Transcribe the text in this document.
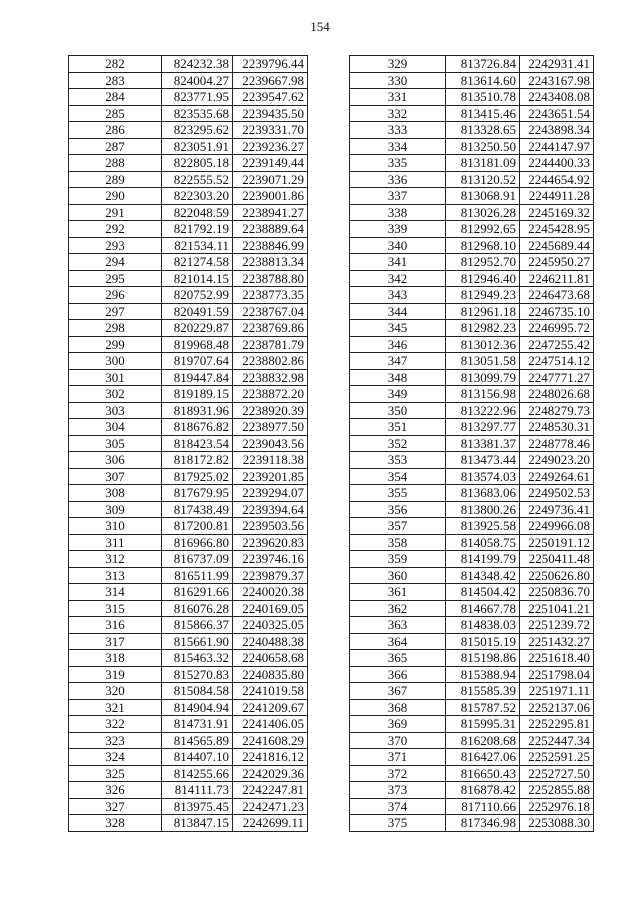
154
282	824232.38	2239796.44
283	824004.27	2239667.98
284	823771.95	2239547.62
285	823535.68	2239435.50
286	823295.62	2239331.70
287	823051.91	2239236.27
288	822805.18	2239149.44
289	822555.52	2239071.29
290	822303.20	2239001.86
291	822048.59	2238941.27
292	821792.19	2238889.64
293	821534.11	2238846.99
294	821274.58	2238813.34
295	821014.15	2238788.80
296	820752.99	2238773.35
297	820491.59	2238767.04
298	820229.87	2238769.86
299	819968.48	2238781.79
300	819707.64	2238802.86
301	819447.84	2238832.98
302	819189.15	2238872.20
303	818931.96	2238920.39
304	818676.82	2238977.50
305	818423.54	2239043.56
306	818172.82	2239118.38
307	817925.02	2239201.85
308	817679.95	2239294.07
309	817438.49	2239394.64
310	817200.81	2239503.56
311	816966.80	2239620.83
312	816737.09	2239746.16
313	816511.99	2239879.37
314	816291.66	2240020.38
315	816076.28	2240169.05
316	815866.37	2240325.05
317	815661.90	2240488.38
318	815463.32	2240658.68
319	815270.83	2240835.80
320	815084.58	2241019.58
321	814904.94	2241209.67
322	814731.91	2241406.05
323	814565.89	2241608.29
324	814407.10	2241816.12
325	814255.66	2242029.36
326	814111.73	2242247.81
327	813975.45	2242471.23
328	813847.15	2242699.11
329	813726.84	2242931.41
330	813614.60	2243167.98
331	813510.78	2243408.08
332	813415.46	2243651.54
333	813328.65	2243898.34
334	813250.50	2244147.97
335	813181.09	2244400.33
336	813120.52	2244654.92
337	813068.91	2244911.28
338	813026.28	2245169.32
339	812992.65	2245428.95
340	812968.10	2245689.44
341	812952.70	2245950.27
342	812946.40	2246211.81
343	812949.23	2246473.68
344	812961.18	2246735.10
345	812982.23	2246995.72
346	813012.36	2247255.42
347	813051.58	2247514.12
348	813099.79	2247771.27
349	813156.98	2248026.68
350	813222.96	2248279.73
351	813297.77	2248530.31
352	813381.37	2248778.46
353	813473.44	2249023.20
354	813574.03	2249264.61
355	813683.06	2249502.53
356	813800.26	2249736.41
357	813925.58	2249966.08
358	814058.75	2250191.12
359	814199.79	2250411.48
360	814348.42	2250626.80
361	814504.42	2250836.70
362	814667.78	2251041.21
363	814838.03	2251239.72
364	815015.19	2251432.27
365	815198.86	2251618.40
366	815388.94	2251798.04
367	815585.39	2251971.11
368	815787.52	2252137.06
369	815995.31	2252295.81
370	816208.68	2252447.34
371	816427.06	2252591.25
372	816650.43	2252727.50
373	816878.42	2252855.88
374	817110.66	2252976.18
375	817346.98	2253088.30
